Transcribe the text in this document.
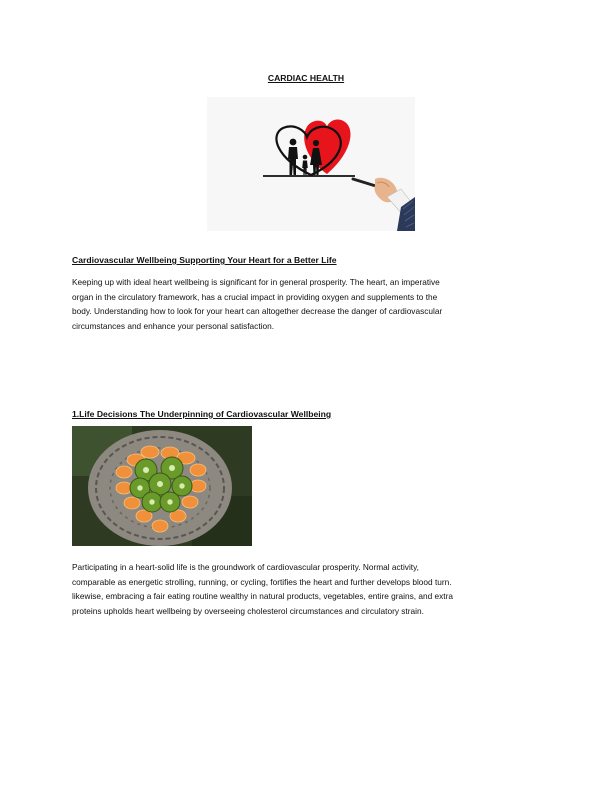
CARDIAC HEALTH
Cardiovascular Wellbeing Supporting Your Heart for a Better Life
Keeping up with ideal heart wellbeing is significant for in general prosperity. The heart, an imperative
organ in the circulatory framework, has a crucial impact in providing oxygen and supplements to the
body. Understanding how to look for your heart can altogether decrease the danger of cardiovascular
circumstances and enhance your personal satisfaction.
1.Life Decisions The Underpinning of Cardiovascular Wellbeing
Participating in a heart-solid life is the groundwork of cardiovascular prosperity. Normal activity,
comparable as energetic strolling, running, or cycling, fortifies the heart and further develops blood turn.
likewise, embracing a fair eating routine wealthy in natural products, vegetables, entire grains, and extra
proteins upholds heart wellbeing by overseeing cholesterol circumstances and circulatory strain.
